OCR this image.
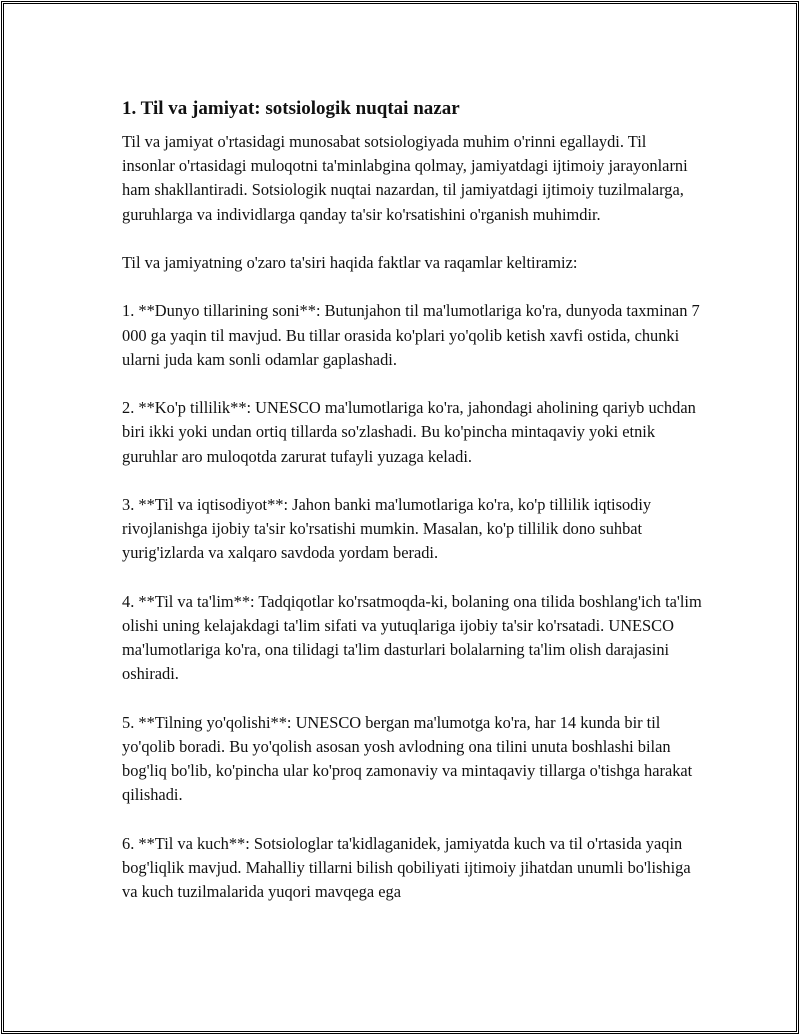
1. Til va jamiyat: sotsiologik nuqtai nazar

Til va jamiyat o'rtasidagi munosabat sotsiologiyada muhim o'rinni egallaydi. Til insonlar o'rtasidagi muloqotni ta'minlabgina qolmay, jamiyatdagi ijtimoiy jarayonlarni ham shakllantiradi. Sotsiologik nuqtai nazardan, til jamiyatdagi ijtimoiy tuzilmalarga, guruhlarga va individlarga qanday ta'sir ko'rsatishini o'rganish muhimdir.

Til va jamiyatning o'zaro ta'siri haqida faktlar va raqamlar keltiramiz:

1. **Dunyo tillarining soni**: Butunjahon til ma'lumotlariga ko'ra, dunyoda taxminan 7 000 ga yaqin til mavjud. Bu tillar orasida ko'plari yo'qolib ketish xavfi ostida, chunki ularni juda kam sonli odamlar gaplashadi.

2. **Ko'p tillilik**: UNESCO ma'lumotlariga ko'ra, jahondagi aholining qariyb uchdan biri ikki yoki undan ortiq tillarda so'zlashadi. Bu ko'pincha mintaqaviy yoki etnik guruhlar aro muloqotda zarurat tufayli yuzaga keladi.

3. **Til va iqtisodiyot**: Jahon banki ma'lumotlariga ko'ra, ko'p tillilik iqtisodiy rivojlanishga ijobiy ta'sir ko'rsatishi mumkin. Masalan, ko'p tillilik dono suhbat yurig'izlarda va xalqaro savdoda yordam beradi.

4. **Til va ta'lim**: Tadqiqotlar ko'rsatmoqda-ki, bolaning ona tilida boshlang'ich ta'lim olishi uning kelajakdagi ta'lim sifati va yutuqlariga ijobiy ta'sir ko'rsatadi. UNESCO ma'lumotlariga ko'ra, ona tilidagi ta'lim dasturlari bolalarning ta'lim olish darajasini oshiradi.

5. **Tilning yo'qolishi**: UNESCO bergan ma'lumotga ko'ra, har 14 kunda bir til yo'qolib boradi. Bu yo'qolish asosan yosh avlodning ona tilini unuta boshlashi bilan bog'liq bo'lib, ko'pincha ular ko'proq zamonaviy va mintaqaviy tillarga o'tishga harakat qilishadi.

6. **Til va kuch**: Sotsiologlar ta'kidlaganidek, jamiyatda kuch va til o'rtasida yaqin bog'liqlik mavjud. Mahalliy tillarni bilish qobiliyati ijtimoiy jihatdan unumli bo'lishiga va kuch tuzilmalarida yuqori mavqega ega
